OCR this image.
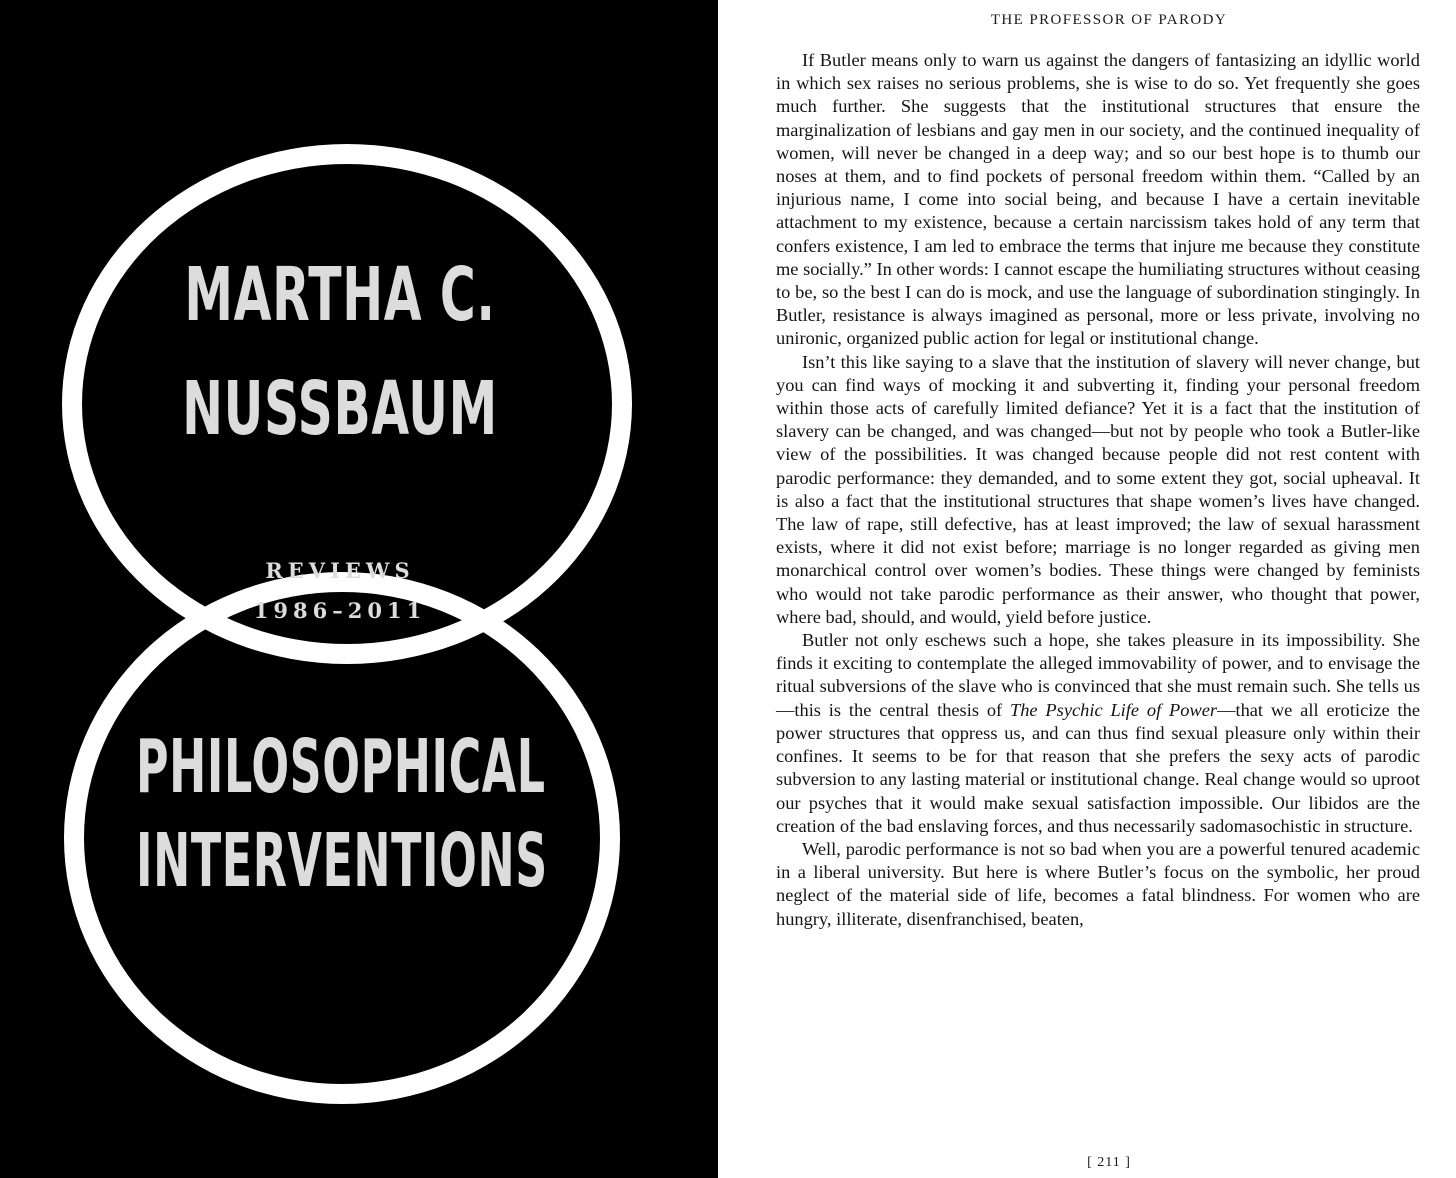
MARTHA C.
NUSSBAUM
REVIEWS
1986–2011
PHILOSOPHICAL
INTERVENTIONS
THE PROFESSOR OF PARODY

If Butler means only to warn us against the dangers of fantasizing an idyllic world in which sex raises no serious problems, she is wise to do so. Yet frequently she goes much further. She suggests that the institutional structures that ensure the marginalization of lesbians and gay men in our society, and the continued inequality of women, will never be changed in a deep way; and so our best hope is to thumb our noses at them, and to find pockets of personal freedom within them. “Called by an injurious name, I come into social being, and because I have a certain inevitable attachment to my existence, because a certain narcissism takes hold of any term that confers existence, I am led to embrace the terms that injure me because they constitute me socially.” In other words: I cannot escape the humiliating structures without ceasing to be, so the best I can do is mock, and use the language of subordination stingingly. In Butler, resistance is always imagined as personal, more or less private, involving no unironic, organized public action for legal or institutional change.

Isn’t this like saying to a slave that the institution of slavery will never change, but you can find ways of mocking it and subverting it, finding your personal freedom within those acts of carefully limited defiance? Yet it is a fact that the institution of slavery can be changed, and was changed—but not by people who took a Butler-like view of the possibilities. It was changed because people did not rest content with parodic performance: they demanded, and to some extent they got, social upheaval. It is also a fact that the institutional structures that shape women’s lives have changed. The law of rape, still defective, has at least improved; the law of sexual harassment exists, where it did not exist before; marriage is no longer regarded as giving men monarchical control over women’s bodies. These things were changed by feminists who would not take parodic performance as their answer, who thought that power, where bad, should, and would, yield before justice.

Butler not only eschews such a hope, she takes pleasure in its impossibility. She finds it exciting to contemplate the alleged immovability of power, and to envisage the ritual subversions of the slave who is convinced that she must remain such. She tells us—this is the central thesis of The Psychic Life of Power—that we all eroticize the power structures that oppress us, and can thus find sexual pleasure only within their confines. It seems to be for that reason that she prefers the sexy acts of parodic subversion to any lasting material or institutional change. Real change would so uproot our psyches that it would make sexual satisfaction impossible. Our libidos are the creation of the bad enslaving forces, and thus necessarily sadomasochistic in structure.

Well, parodic performance is not so bad when you are a powerful tenured academic in a liberal university. But here is where Butler’s focus on the symbolic, her proud neglect of the material side of life, becomes a fatal blindness. For women who are hungry, illiterate, disenfranchised, beaten,

[ 211 ]
